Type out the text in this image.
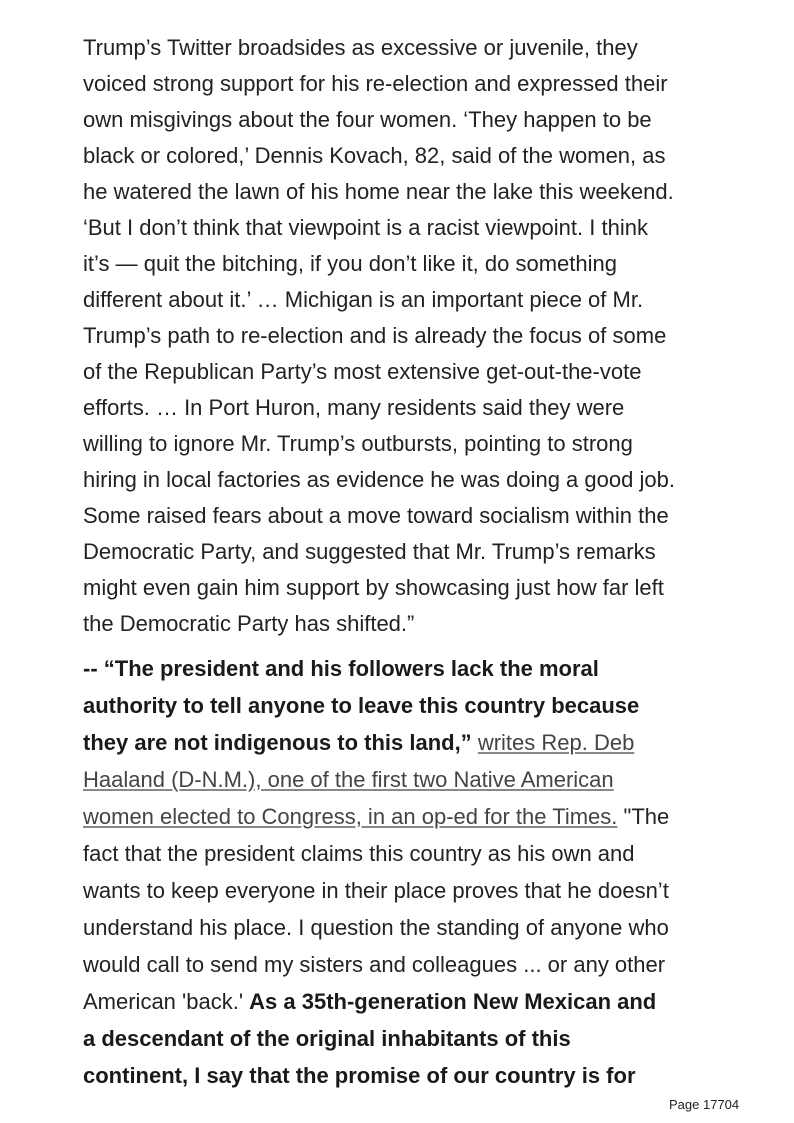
Trump’s Twitter broadsides as excessive or juvenile, they
voiced strong support for his re-election and expressed their
own misgivings about the four women. ‘They happen to be
black or colored,’ Dennis Kovach, 82, said of the women, as
he watered the lawn of his home near the lake this weekend.
‘But I don’t think that viewpoint is a racist viewpoint. I think
it’s — quit the bitching, if you don’t like it, do something
different about it.’ … Michigan is an important piece of Mr.
Trump’s path to re-election and is already the focus of some
of the Republican Party’s most extensive get-out-the-vote
efforts. … In Port Huron, many residents said they were
willing to ignore Mr. Trump’s outbursts, pointing to strong
hiring in local factories as evidence he was doing a good job.
Some raised fears about a move toward socialism within the
Democratic Party, and suggested that Mr. Trump’s remarks
might even gain him support by showcasing just how far left
the Democratic Party has shifted.”
-- “The president and his followers lack the moral
authority to tell anyone to leave this country because
they are not indigenous to this land,” writes Rep. Deb
Haaland (D-N.M.), one of the first two Native American
women elected to Congress, in an op-ed for the Times. "The
fact that the president claims this country as his own and
wants to keep everyone in their place proves that he doesn’t
understand his place. I question the standing of anyone who
would call to send my sisters and colleagues ... or any other
American 'back.' As a 35th-generation New Mexican and
a descendant of the original inhabitants of this
continent, I say that the promise of our country is for
Page 17704
